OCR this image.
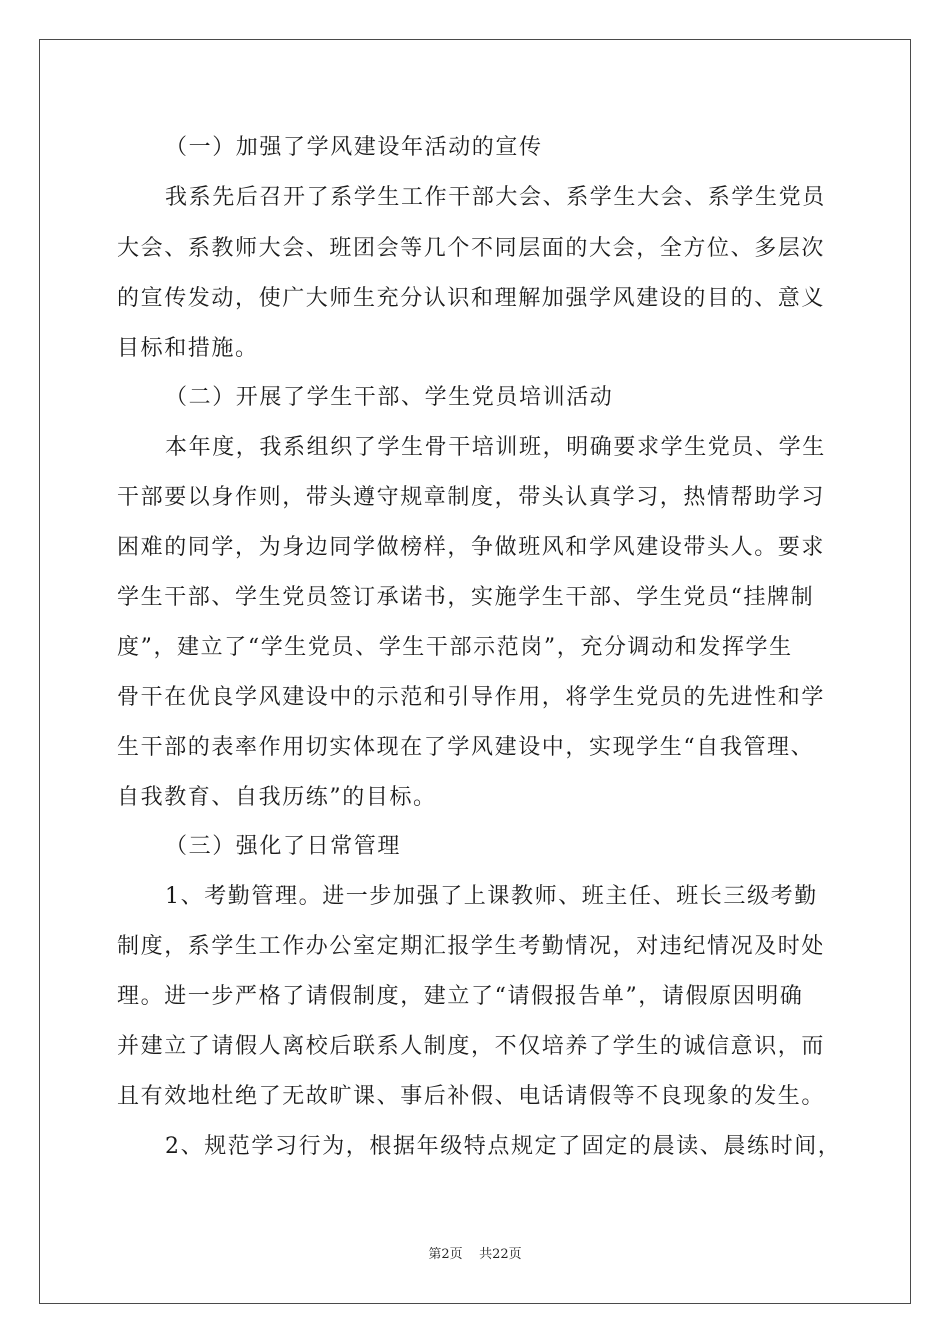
（一）加强了学风建设年活动的宣传
我系先后召开了系学生工作干部大会、系学生大会、系学生党员
大会、系教师大会、班团会等几个不同层面的大会，全方位、多层次
的宣传发动，使广大师生充分认识和理解加强学风建设的目的、意义
目标和措施。
（二）开展了学生干部、学生党员培训活动
本年度，我系组织了学生骨干培训班，明确要求学生党员、学生
干部要以身作则，带头遵守规章制度，带头认真学习，热情帮助学习
困难的同学，为身边同学做榜样，争做班风和学风建设带头人。要求
学生干部、学生党员签订承诺书，实施学生干部、学生党员“挂牌制
度”，建立了“学生党员、学生干部示范岗”，充分调动和发挥学生
骨干在优良学风建设中的示范和引导作用，将学生党员的先进性和学
生干部的表率作用切实体现在了学风建设中，实现学生“自我管理、
自我教育、自我历练”的目标。
（三）强化了日常管理
1、考勤管理。进一步加强了上课教师、班主任、班长三级考勤
制度，系学生工作办公室定期汇报学生考勤情况，对违纪情况及时处
理。进一步严格了请假制度，建立了“请假报告单”，请假原因明确
并建立了请假人离校后联系人制度，不仅培养了学生的诚信意识，而
且有效地杜绝了无故旷课、事后补假、电话请假等不良现象的发生。
2、规范学习行为，根据年级特点规定了固定的晨读、晨练时间，
第2页    共22页
